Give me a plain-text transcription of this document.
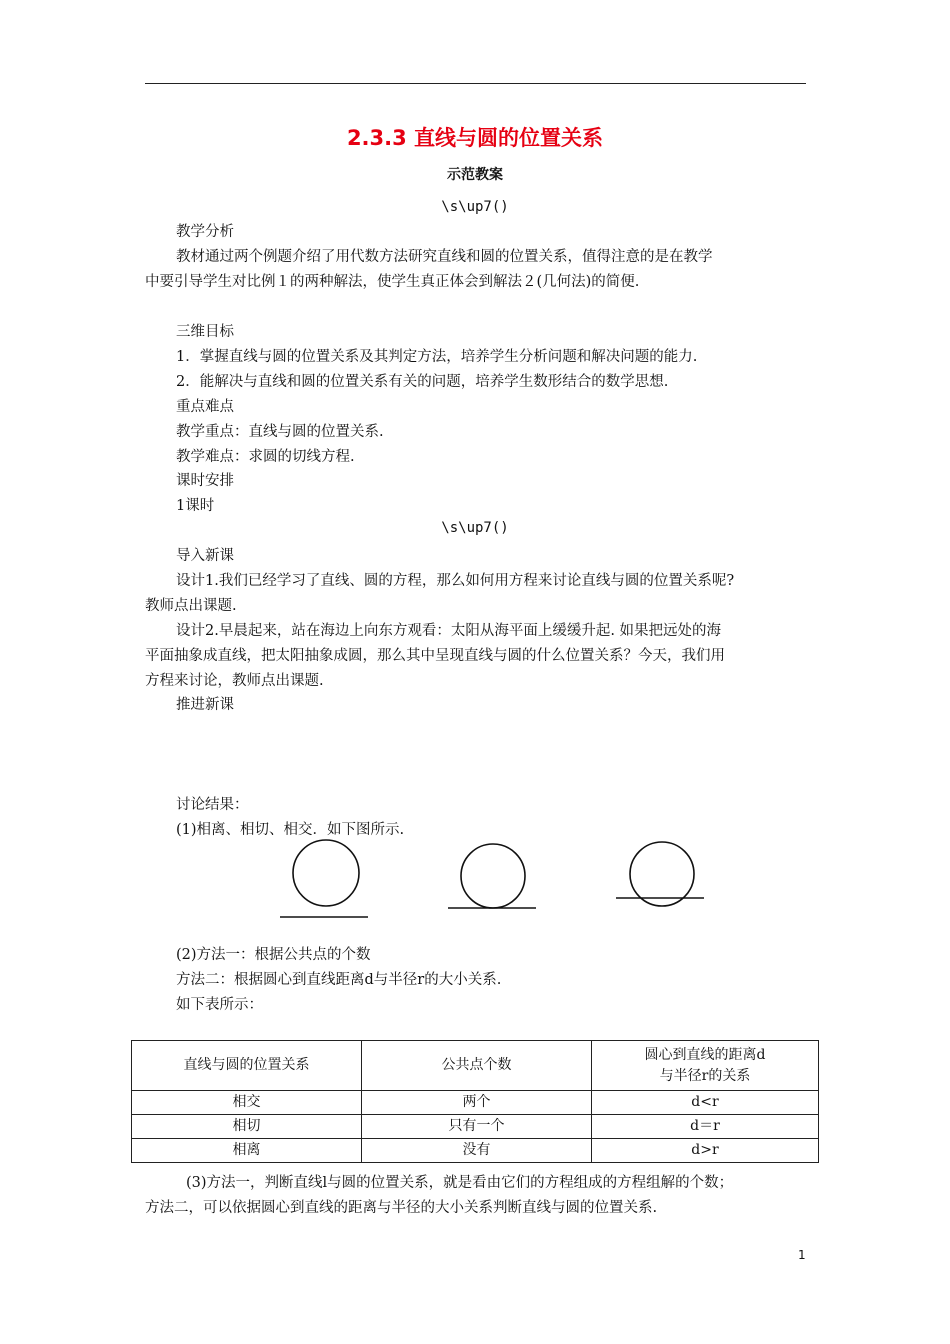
2.3.3 直线与圆的位置关系
示范教案
\s\up7()
教学分析
教材通过两个例题介绍了用代数方法研究直线和圆的位置关系，值得注意的是在教学
中要引导学生对比例１的两种解法，使学生真正体会到解法２(几何法)的简便.
三维目标
1．掌握直线与圆的位置关系及其判定方法，培养学生分析问题和解决问题的能力.
2．能解决与直线和圆的位置关系有关的问题，培养学生数形结合的数学思想.
重点难点
教学重点：直线与圆的位置关系.
教学难点：求圆的切线方程.
课时安排
1课时
\s\up7()
导入新课
设计1.我们已经学习了直线、圆的方程，那么如何用方程来讨论直线与圆的位置关系呢?
教师点出课题.
设计2.早晨起来，站在海边上向东方观看：太阳从海平面上缓缓升起. 如果把远处的海
平面抽象成直线，把太阳抽象成圆，那么其中呈现直线与圆的什么位置关系？今天，我们用
方程来讨论，教师点出课题.
推进新课
讨论结果：
(1)相离、相切、相交．如下图所示.
(2)方法一：根据公共点的个数
方法二：根据圆心到直线距离d与半径r的大小关系.
如下表所示：
直线与圆的位置关系	公共点个数	圆心到直线的距离d
与半径r的关系

相交	两个	d<r
相切	只有一个	d＝r
相离	没有	d>r
(3)方法一，判断直线l与圆的位置关系，就是看由它们的方程组成的方程组解的个数；
方法二，可以依据圆心到直线的距离与半径的大小关系判断直线与圆的位置关系.
1
